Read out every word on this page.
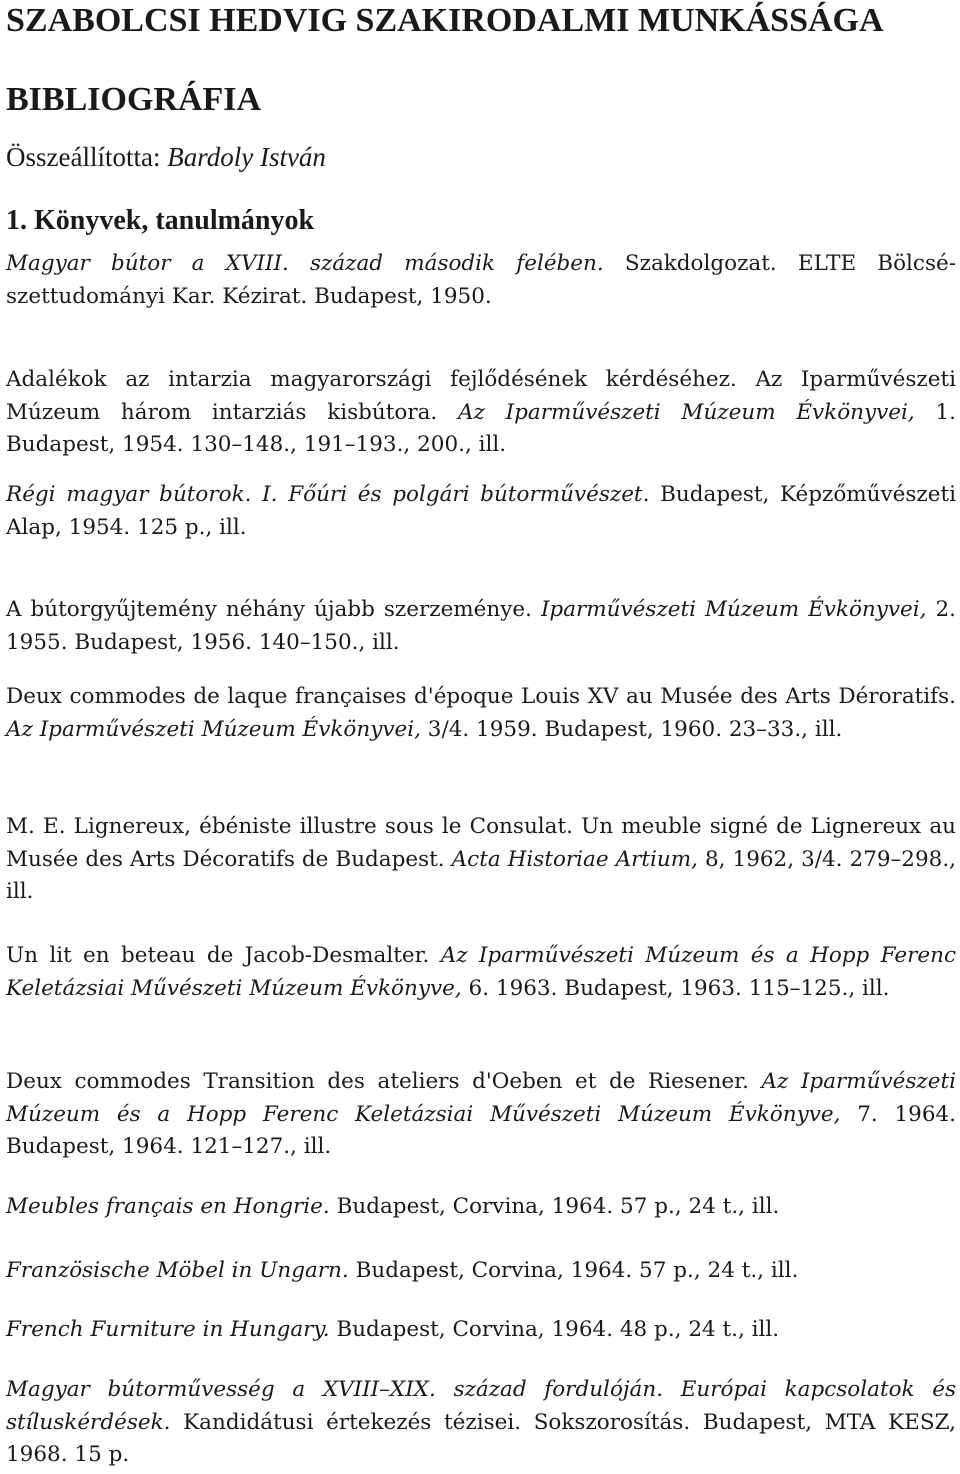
SZABOLCSI HEDVIG SZAKIRODALMI MUNKÁSSÁGA
BIBLIOGRÁFIA

Összeállította: Bardoly István

1. Könyvek, tanulmányok

Magyar bútor a XVIII. század második felében. Szakdolgozat. ELTE Bölcsészettudományi Kar. Kézirat. Budapest, 1950.

Adalékok az intarzia magyarországi fejlődésének kérdéséhez. Az Iparművészeti Múzeum három intarziás kisbútora. Az Iparművészeti Múzeum Évkönyvei, 1. Budapest, 1954. 130–148., 191–193., 200., ill.

Régi magyar bútorok. I. Főúri és polgári bútorművészet. Budapest, Képzőművészeti Alap, 1954. 125 p., ill.

A bútorgyűjtemény néhány újabb szerzeménye. Iparművészeti Múzeum Évkönyvei, 2. 1955. Budapest, 1956. 140–150., ill.

Deux commodes de laque françaises d'époque Louis XV au Musée des Arts Déroratifs. Az Iparművészeti Múzeum Évkönyvei, 3/4. 1959. Budapest, 1960. 23–33., ill.

M. E. Lignereux, ébéniste illustre sous le Consulat. Un meuble signé de Lignereux au Musée des Arts Décoratifs de Budapest. Acta Historiae Artium, 8, 1962, 3/4. 279–298., ill.

Un lit en beteau de Jacob-Desmalter. Az Iparművészeti Múzeum és a Hopp Ferenc Keletázsiai Művészeti Múzeum Évkönyve, 6. 1963. Budapest, 1963. 115–125., ill.

Deux commodes Transition des ateliers d'Oeben et de Riesener. Az Iparművészeti Múzeum és a Hopp Ferenc Keletázsiai Művészeti Múzeum Évkönyve, 7. 1964. Budapest, 1964. 121–127., ill.

Meubles français en Hongrie. Budapest, Corvina, 1964. 57 p., 24 t., ill.

Französische Möbel in Ungarn. Budapest, Corvina, 1964. 57 p., 24 t., ill.

French Furniture in Hungary. Budapest, Corvina, 1964. 48 p., 24 t., ill.

Magyar bútorművesség a XVIII–XIX. század fordulóján. Európai kapcsolatok és stíluskérdések. Kandidátusi értekezés tézisei. Sokszorosítás. Budapest, MTA KESZ, 1968. 15 p.
